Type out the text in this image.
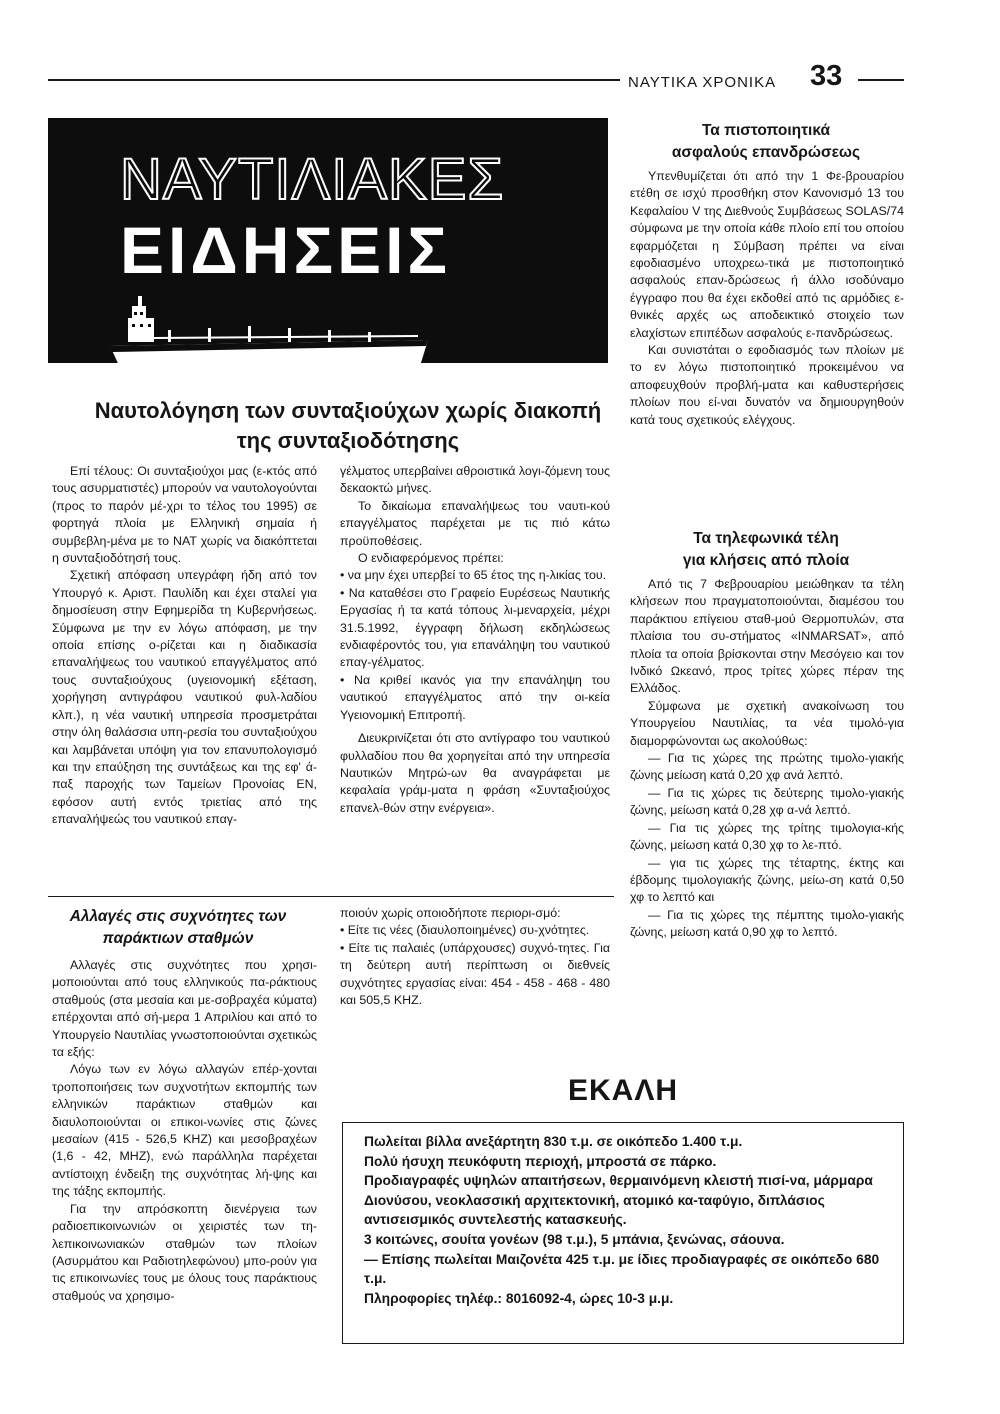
ΝΑΥΤΙΚΑ ΧΡΟΝΙΚΑ 33
ΝΑΥΤΙΛΙΑΚΕΣ
ΕΙΔΗΣΕΙΣ
Ναυτολόγηση των συνταξιούχων χωρίς διακοπή
της συνταξιοδότησης

Επί τέλους: Οι συνταξιούχοι μας (ε-κτός από τους ασυρματιστές) μπορούν να ναυτολογούνται (προς το παρόν μέ-χρι το τέλος του 1995) σε φορτηγά πλοία με Ελληνική σημαία ή συμβεβλη-μένα με το ΝΑΤ χωρίς να διακόπτεται η συνταξιοδότησή τους.

Σχετική απόφαση υπεγράφη ήδη από τον Υπουργό κ. Αριστ. Παυλίδη και έχει σταλεί για δημοσίευση στην Εφημερίδα τη Κυβερνήσεως. Σύμφωνα με την εν λόγω απόφαση, με την οποία επίσης ο-ρίζεται και η διαδικασία επαναλήψεως του ναυτικού επαγγέλματος από τους συνταξιούχους (υγειονομική εξέταση, χορήγηση αντιγράφου ναυτικού φυλ-λαδίου κλπ.), η νέα ναυτική υπηρεσία προσμετράται στην όλη θαλάσσια υπη-ρεσία του συνταξιούχου και λαμβάνεται υπόψη για τον επανυπολογισμό και την επαύξηση της συντάξεως και της εφ' ά-παξ παροχής των Ταμείων Προνοίας ΕΝ, εφόσον αυτή εντός τριετίας από της επαναλήψεώς του ναυτικού επαγ-

γέλματος υπερβαίνει αθροιστικά λογι-ζόμενη τους δεκαοκτώ μήνες.

Το δικαίωμα επαναλήψεως του ναυτι-κού επαγγέλματος παρέχεται με τις πιό κάτω προϋποθέσεις.

Ο ενδιαφερόμενος πρέπει:

• να μην έχει υπερβεί το 65 έτος της η-λικίας του.

• Να καταθέσει στο Γραφείο Ευρέσεως Ναυτικής Εργασίας ή τα κατά τόπους λι-μεναρχεία, μέχρι 31.5.1992, έγγραφη δήλωση εκδηλώσεως ενδιαφέροντός του, για επανάληψη του ναυτικού επαγ-γέλματος.

• Να κριθεί ικανός για την επανάληψη του ναυτικού επαγγέλματος από την οι-κεία Υγειονομική Επιτροπή.

Διευκρινίζεται ότι στο αντίγραφο του ναυτικού φυλλαδίου που θα χορηγείται από την υπηρεσία Ναυτικών Μητρώ-ων θα αναγράφεται με κεφαλαία γράμ-ματα η φράση «Συνταξιούχος επανελ-θών στην ενέργεια».

Τα πιστοποιητικά
ασφαλούς επανδρώσεως

Υπενθυμίζεται ότι από την 1 Φε-βρουαρίου ετέθη σε ισχύ προσθήκη στον Κανονισμό 13 του Κεφαλαίου V της Διεθνούς Συμβάσεως SOLAS/74 σύμφωνα με την οποία κάθε πλοίο επί του οποίου εφαρμόζεται η Σύμβαση πρέπει να είναι εφοδιασμένο υποχρεω-τικά με πιστοποιητικό ασφαλούς επαν-δρώσεως ή άλλο ισοδύναμο έγγραφο που θα έχει εκδοθεί από τις αρμόδιες ε-θνικές αρχές ως αποδεικτικό στοιχείο των ελαχίστων επιπέδων ασφαλούς ε-πανδρώσεως.

Και συνιστάται ο εφοδιασμός των πλοίων με το εν λόγω πιστοποιητικό προκειμένου να αποφευχθούν προβλή-ματα και καθυστερήσεις πλοίων που εί-ναι δυνατόν να δημιουργηθούν κατά τους σχετικούς ελέγχους.

Τα τηλεφωνικά τέλη
για κλήσεις από πλοία

Από τις 7 Φεβρουαρίου μειώθηκαν τα τέλη κλήσεων που πραγματοποιούνται, διαμέσου του παράκτιου επίγειου σταθ-μού Θερμοπυλών, στα πλαίσια του συ-στήματος «INMARSAT», από πλοία τα οποία βρίσκονται στην Μεσόγειο και τον Ινδικό Ωκεανό, προς τρίτες χώρες πέραν της Ελλάδος.

Σύμφωνα με σχετική ανακοίνωση του Υπουργείου Ναυτιλίας, τα νέα τιμολό-για διαμορφώνονται ως ακολούθως:

— Για τις χώρες της πρώτης τιμολο-γιακής ζώνης μείωση κατά 0,20 χφ ανά λεπτό.

— Για τις χώρες τις δεύτερης τιμολο-γιακής ζώνης, μείωση κατά 0,28 χφ α-νά λεπτό.

— Για τις χώρες της τρίτης τιμολογια-κής ζώνης, μείωση κατά 0,30 χφ το λε-πτό.

— για τις χώρες της τέταρτης, έκτης και έβδομης τιμολογιακής ζώνης, μείω-ση κατά 0,50 χφ το λεπτό και

— Για τις χώρες της πέμπτης τιμολο-γιακής ζώνης, μείωση κατά 0,90 χφ το λεπτό.

Αλλαγές στις συχνότητες των
παράκτιων σταθμών

Αλλαγές στις συχνότητες που χρησι-μοποιούνται από τους ελληνικούς πα-ράκτιους σταθμούς (στα μεσαία και με-σοβραχέα κύματα) επέρχονται από σή-μερα 1 Απριλίου και από το Υπουργείο Ναυτιλίας γνωστοποιούνται σχετικώς τα εξής:

Λόγω των εν λόγω αλλαγών επέρ-χονται τροποποιήσεις των συχνοτήτων εκπομπής των ελληνικών παράκτιων σταθμών και διαυλοποιούνται οι επικοι-νωνίες στις ζώνες μεσαίων (415 - 526,5 KHZ) και μεσοβραχέων (1,6 - 42, MHZ), ενώ παράλληλα παρέχεται αντίστοιχη ένδειξη της συχνότητας λή-ψης και της τάξης εκπομπής.

Για την απρόσκοπτη διενέργεια των ραδιοεπικοινωνιών οι χειριστές των τη-λεπικοινωνιακών σταθμών των πλοίων (Ασυρμάτου και Ραδιοτηλεφώνου) μπο-ρούν για τις επικοινωνίες τους με όλους τους παράκτιους σταθμούς να χρησιμο-

ποιούν χωρίς οποιοδήποτε περιορι-σμό:

• Είτε τις νέες (διαυλοποιημένες) συ-χνότητες.

• Είτε τις παλαιές (υπάρχουσες) συχνό-τητες. Για τη δεύτερη αυτή περίπτωση οι διεθνείς συχνότητες εργασίας είναι: 454 - 458 - 468 - 480 και 505,5 KHZ.

ΕΚΑΛΗ

Πωλείται βίλλα ανεξάρτητη 830 τ.μ. σε οικόπεδο 1.400 τ.μ.

Πολύ ήσυχη πευκόφυτη περιοχή, μπροστά σε πάρκο.

Προδιαγραφές υψηλών απαιτήσεων, θερμαινόμενη κλειστή πισί-να, μάρμαρα Διονύσου, νεοκλασσική αρχιτεκτονική, ατομικό κα-ταφύγιο, διπλάσιος αντισεισμικός συντελεστής κατασκευής.

3 κοιτώνες, σουίτα γονέων (98 τ.μ.), 5 μπάνια, ξενώνας, σάουνα.

— Επίσης πωλείται Μαιζονέτα 425 τ.μ. με ίδιες προδιαγραφές σε οικόπεδο 680 τ.μ.

Πληροφορίες τηλέφ.: 8016092-4, ώρες 10-3 μ.μ.
